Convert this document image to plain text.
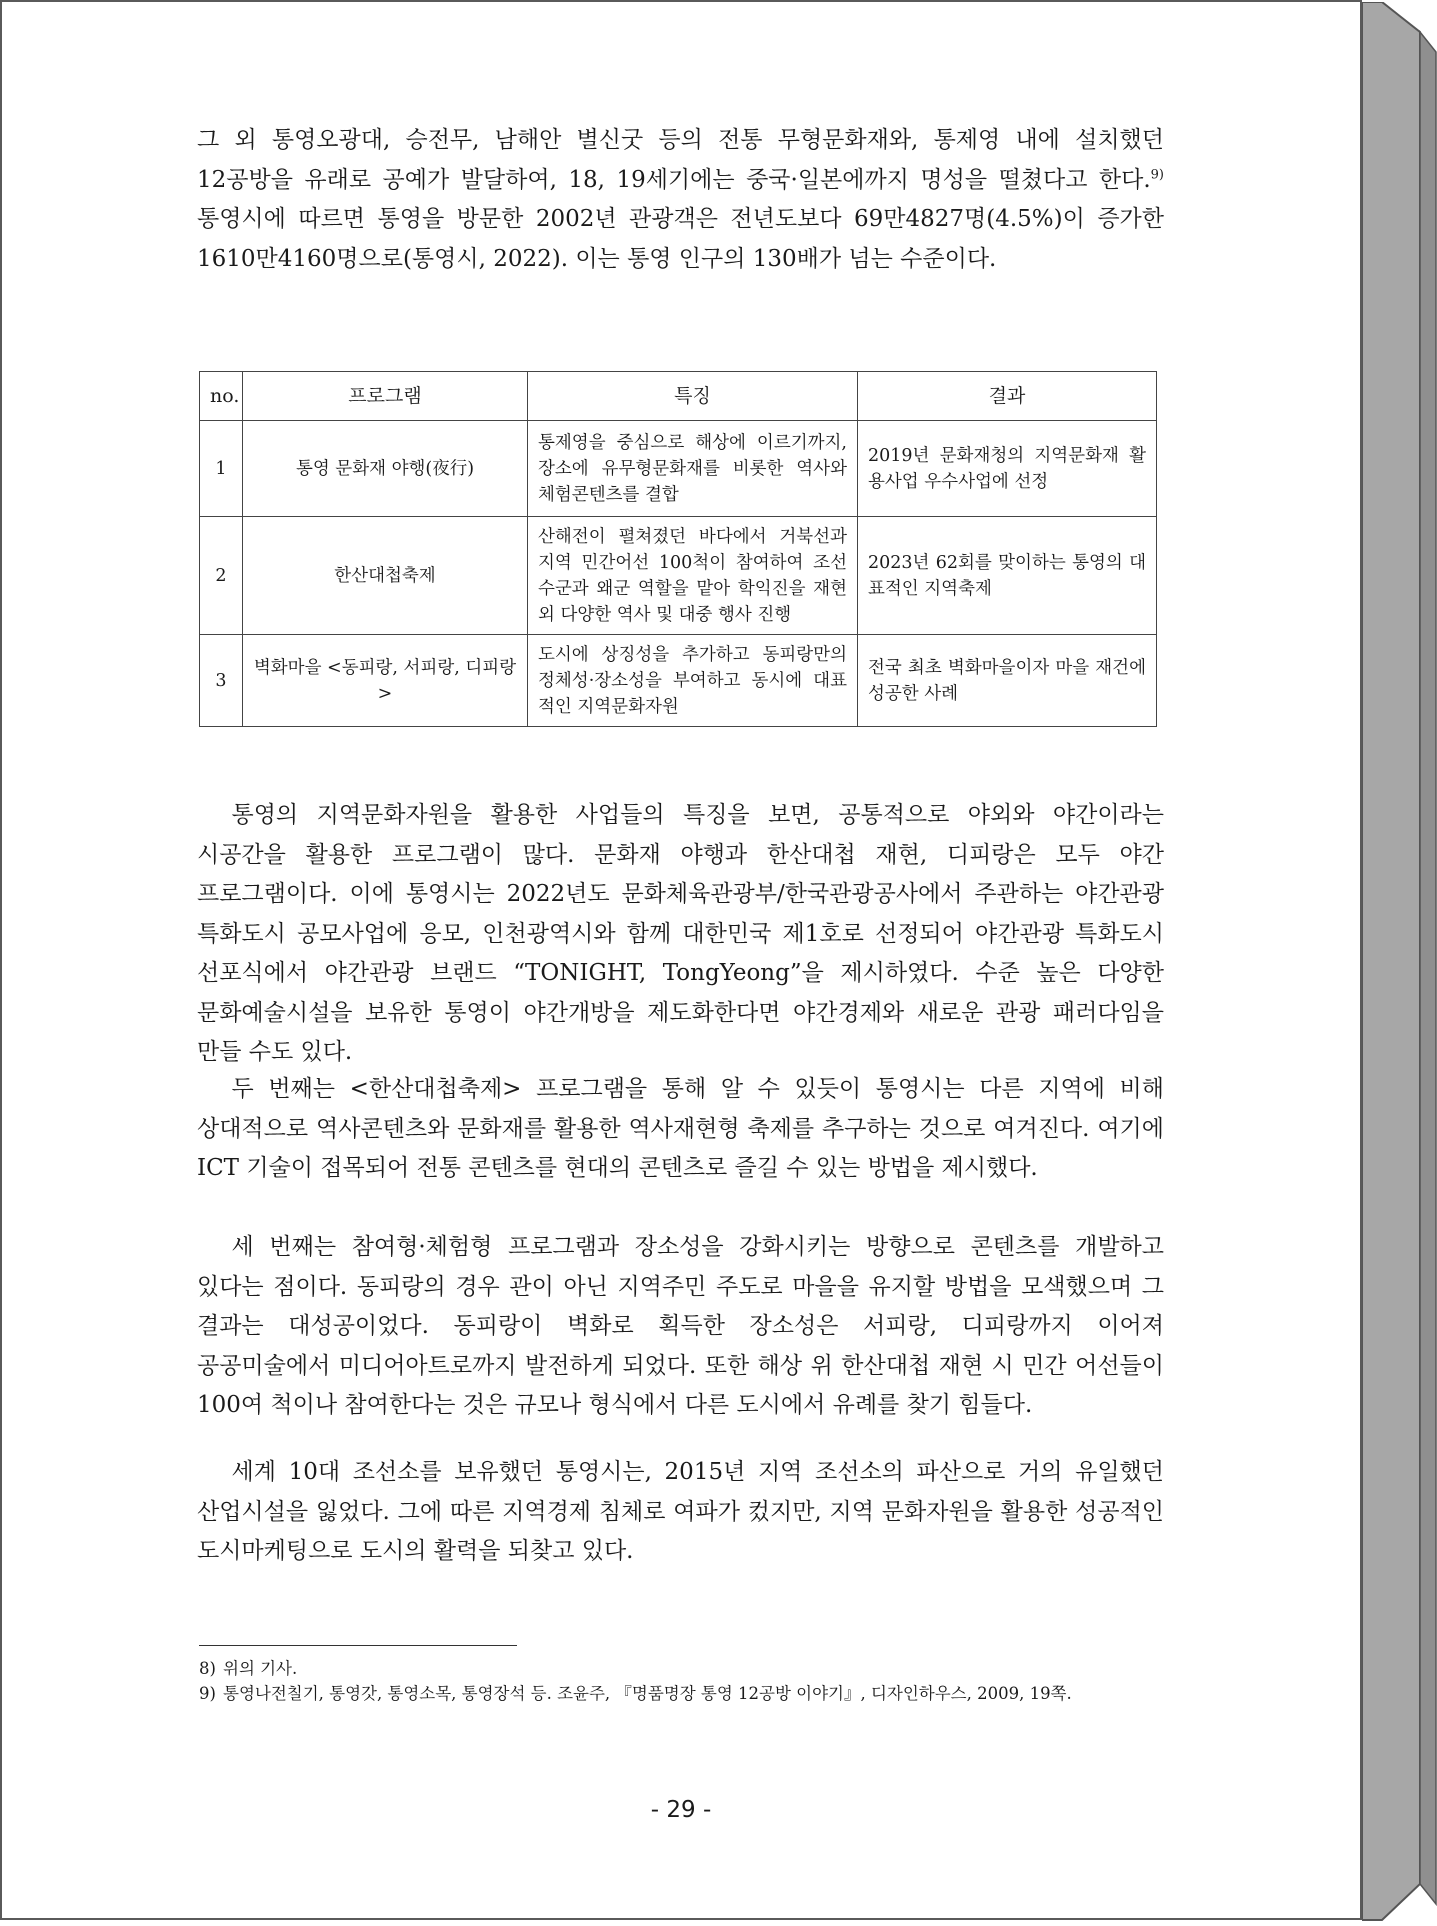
그 외 통영오광대, 승전무, 남해안 별신굿 등의 전통 무형문화재와, 통제영 내에 설치했던 12공방을 유래로 공예가 발달하여, 18, 19세기에는 중국·일본에까지 명성을 떨쳤다고 한다.$^{9)}$ 통영시에 따르면 통영을 방문한 2002년 관광객은 전년도보다 69만4827명(4.5%)이 증가한 1610만4160명으로(통영시, 2022). 이는 통영 인구의 130배가 넘는 수준이다.

no.	프로그램	특징	결과
1	통영 문화재 야행(夜行)	통제영을 중심으로 해상에 이르기까지, 장소에 유무형문화재를 비롯한 역사와 체험콘텐츠를 결합	2019년 문화재청의 지역문화재 활용사업 우수사업에 선정
2	한산대첩축제	산해전이 펼쳐졌던 바다에서 거북선과 지역 민간어선 100척이 참여하여 조선 수군과 왜군 역할을 맡아 학익진을 재현 외 다양한 역사 및 대중 행사 진행	2023년 62회를 맞이하는 통영의 대표적인 지역축제
3	벽화마을 <동피랑, 서피랑, 디피랑>	도시에 상징성을 추가하고 동피랑만의 정체성·장소성을 부여하고 동시에 대표적인 지역문화자원	전국 최초 벽화마을이자 마을 재건에 성공한 사례

통영의 지역문화자원을 활용한 사업들의 특징을 보면, 공통적으로 야외와 야간이라는 시공간을 활용한 프로그램이 많다. 문화재 야행과 한산대첩 재현, 디피랑은 모두 야간 프로그램이다. 이에 통영시는 2022년도 문화체육관광부/한국관광공사에서 주관하는 야간관광 특화도시 공모사업에 응모, 인천광역시와 함께 대한민국 제1호로 선정되어 야간관광 특화도시 선포식에서 야간관광 브랜드 “TONIGHT, TongYeong”을 제시하였다. 수준 높은 다양한 문화예술시설을 보유한 통영이 야간개방을 제도화한다면 야간경제와 새로운 관광 패러다임을 만들 수도 있다.

두 번째는 <한산대첩축제> 프로그램을 통해 알 수 있듯이 통영시는 다른 지역에 비해 상대적으로 역사콘텐츠와 문화재를 활용한 역사재현형 축제를 추구하는 것으로 여겨진다. 여기에 ICT 기술이 접목되어 전통 콘텐츠를 현대의 콘텐츠로 즐길 수 있는 방법을 제시했다.

세 번째는 참여형·체험형 프로그램과 장소성을 강화시키는 방향으로 콘텐츠를 개발하고 있다는 점이다. 동피랑의 경우 관이 아닌 지역주민 주도로 마을을 유지할 방법을 모색했으며 그 결과는 대성공이었다. 동피랑이 벽화로 획득한 장소성은 서피랑, 디피랑까지 이어져 공공미술에서 미디어아트로까지 발전하게 되었다. 또한 해상 위 한산대첩 재현 시 민간 어선들이 100여 척이나 참여한다는 것은 규모나 형식에서 다른 도시에서 유례를 찾기 힘들다.

세계 10대 조선소를 보유했던 통영시는, 2015년 지역 조선소의 파산으로 거의 유일했던 산업시설을 잃었다. 그에 따른 지역경제 침체로 여파가 컸지만, 지역 문화자원을 활용한 성공적인 도시마케팅으로 도시의 활력을 되찾고 있다.

8) 위의 기사.

9) 통영나전칠기, 통영갓, 통영소목, 통영장석 등. 조윤주, 『명품명장 통영 12공방 이야기』, 디자인하우스, 2009, 19쪽.

- 29 -
